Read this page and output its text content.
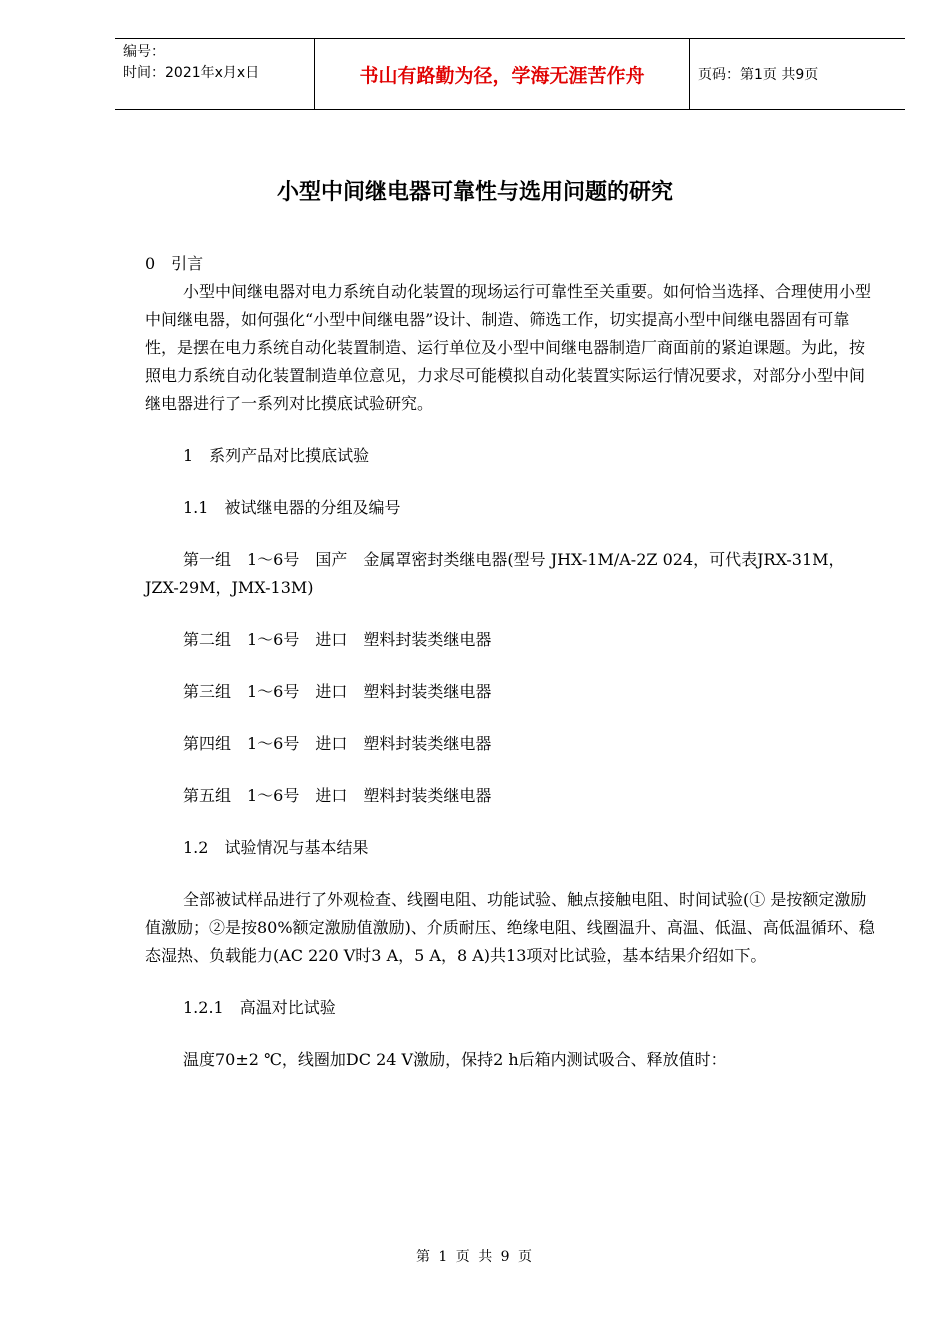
编号：
时间：2021年x月x日	书山有路勤为径，学海无涯苦作舟	页码：第1页 共9页
小型中间继电器可靠性与选用问题的研究

0　引言

小型中间继电器对电力系统自动化装置的现场运行可靠性至关重要。如何恰当选择、合理使用小型中间继电器，如何强化“小型中间继电器”设计、制造、筛选工作，切实提高小型中间继电器固有可靠性，是摆在电力系统自动化装置制造、运行单位及小型中间继电器制造厂商面前的紧迫课题。为此，按照电力系统自动化装置制造单位意见，力求尽可能模拟自动化装置实际运行情况要求，对部分小型中间继电器进行了一系列对比摸底试验研究。

1　系列产品对比摸底试验

1.1　被试继电器的分组及编号

第一组　1～6号　国产　金属罩密封类继电器(型号 JHX-1M/A-2Z 024，可代表JRX-31M，JZX-29M，JMX-13M)

第二组　1～6号　进口　塑料封装类继电器

第三组　1～6号　进口　塑料封装类继电器

第四组　1～6号　进口　塑料封装类继电器

第五组　1～6号　进口　塑料封装类继电器

1.2　试验情况与基本结果

全部被试样品进行了外观检查、线圈电阻、功能试验、触点接触电阻、时间试验(① 是按额定激励值激励；②是按80%额定激励值激励)、介质耐压、绝缘电阻、线圈温升、高温、低温、高低温循环、稳态湿热、负载能力(AC 220 V时3 A，5 A，8 A)共13项对比试验，基本结果介绍如下。

1.2.1　高温对比试验

温度70±2 ℃，线圈加DC 24 V激励，保持2 h后箱内测试吸合、释放值时：

第 1 页 共 9 页
